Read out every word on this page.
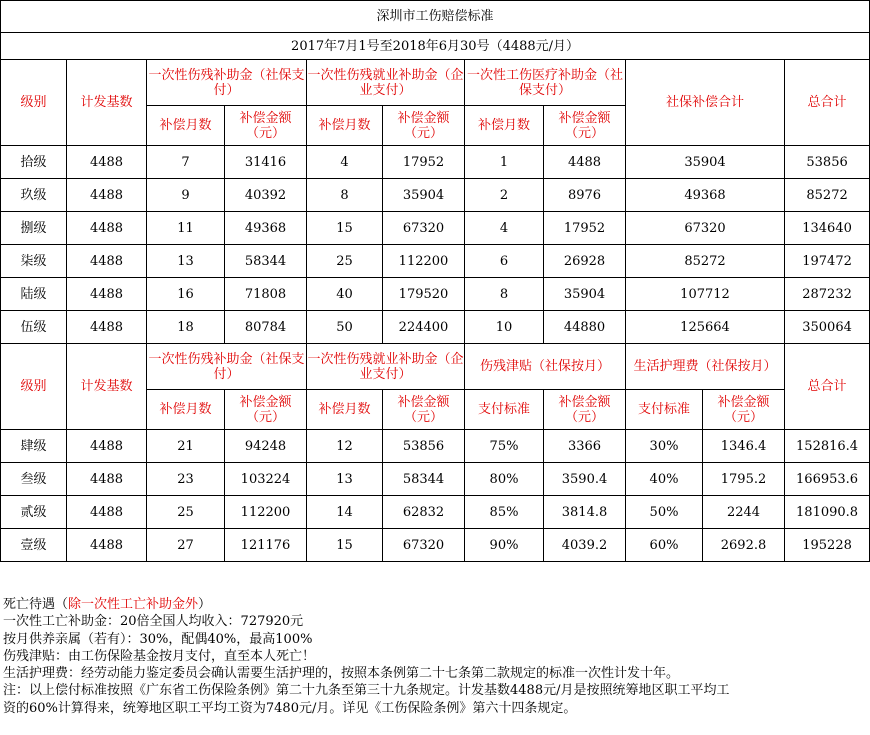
深圳市工伤赔偿标准										
2017年7月1号至2018年6月30号（4488元/月）										
级别	计发基数	一次性伤残补助金（社保支付）		一次性伤残就业补助金（企业支付）		一次性工伤医疗补助金（社保支付）		社保补偿合计		总合计
		补偿月数	补偿金额（元）	补偿月数	补偿金额（元）	补偿月数	补偿金额（元）			
拾级	4488	7	31416	4	17952	1	4488	35904		53856
玖级	4488	9	40392	8	35904	2	8976	49368		85272
捌级	4488	11	49368	15	67320	4	17952	67320		134640
柒级	4488	13	58344	25	112200	6	26928	85272		197472
陆级	4488	16	71808	40	179520	8	35904	107712		287232
伍级	4488	18	80784	50	224400	10	44880	125664		350064
级别	计发基数	一次性伤残补助金（社保支付）		一次性伤残就业补助金（企业支付）		伤残津贴（社保按月）		生活护理费（社保按月）		总合计
		补偿月数	补偿金额（元）	补偿月数	补偿金额（元）	支付标准	补偿金额（元）	支付标准	补偿金额（元）	
肆级	4488	21	94248	12	53856	75%	3366	30%	1346.4	152816.4
叁级	4488	23	103224	13	58344	80%	3590.4	40%	1795.2	166953.6
贰级	4488	25	112200	14	62832	85%	3814.8	50%	2244	181090.8
壹级	4488	27	121176	15	67320	90%	4039.2	60%	2692.8	195228
死亡待遇（除一次性工亡补助金外）
一次性工亡补助金：20倍全国人均收入：727920元
按月供养亲属（若有）：30%，配偶40%，最高100%
伤残津贴：由工伤保险基金按月支付，直至本人死亡！
生活护理费：经劳动能力鉴定委员会确认需要生活护理的，按照本条例第二十七条第二款规定的标准一次性计发十年。
注：以上偿付标准按照《广东省工伤保险条例》第二十九条至第三十九条规定。计发基数4488元/月是按照统筹地区职工平均工
资的60%计算得来，统筹地区职工平均工资为7480元/月。详见《工伤保险条例》第六十四条规定。
